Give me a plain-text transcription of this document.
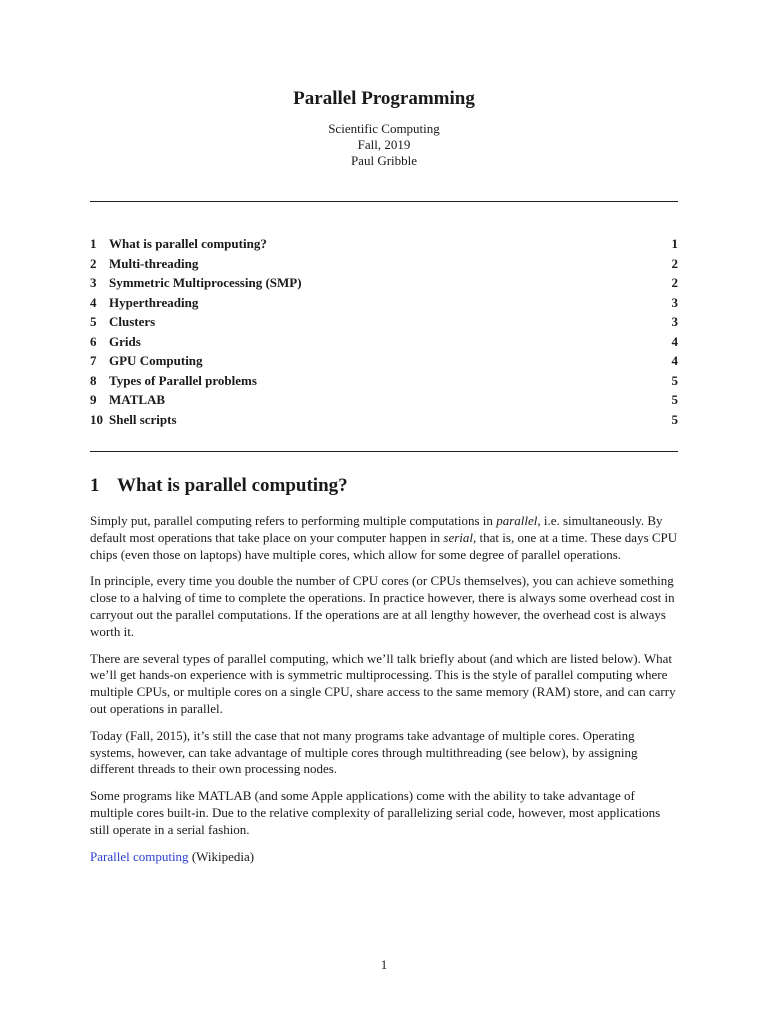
Parallel Programming
Scientific Computing
Fall, 2019
Paul Gribble
1 What is parallel computing?	1
2 Multi-threading	2
3 Symmetric Multiprocessing (SMP)	2
4 Hyperthreading	3
5 Clusters	3
6 Grids	4
7 GPU Computing	4
8 Types of Parallel problems	5
9 MATLAB	5
10 Shell scripts	5
1 What is parallel computing?

Simply put, parallel computing refers to performing multiple computations in parallel, i.e. simultaneously. By default most operations that take place on your computer happen in serial, that is, one at a time. These days CPU chips (even those on laptops) have multiple cores, which allow for some degree of parallel operations.

In principle, every time you double the number of CPU cores (or CPUs themselves), you can achieve something close to a halving of time to complete the operations. In practice however, there is always some overhead cost in carryout out the parallel computations. If the operations are at all lengthy however, the overhead cost is always worth it.

There are several types of parallel computing, which we’ll talk briefly about (and which are listed below). What we’ll get hands-on experience with is symmetric multiprocessing. This is the style of parallel computing where multiple CPUs, or multiple cores on a single CPU, share access to the same memory (RAM) store, and can carry out operations in parallel.

Today (Fall, 2015), it’s still the case that not many programs take advantage of multiple cores. Operating systems, however, can take advantage of multiple cores through multithreading (see below), by assigning different threads to their own processing nodes.

Some programs like MATLAB (and some Apple applications) come with the ability to take advantage of multiple cores built-in. Due to the relative complexity of parallelizing serial code, however, most applications still operate in a serial fashion.

Parallel computing (Wikipedia)

1
